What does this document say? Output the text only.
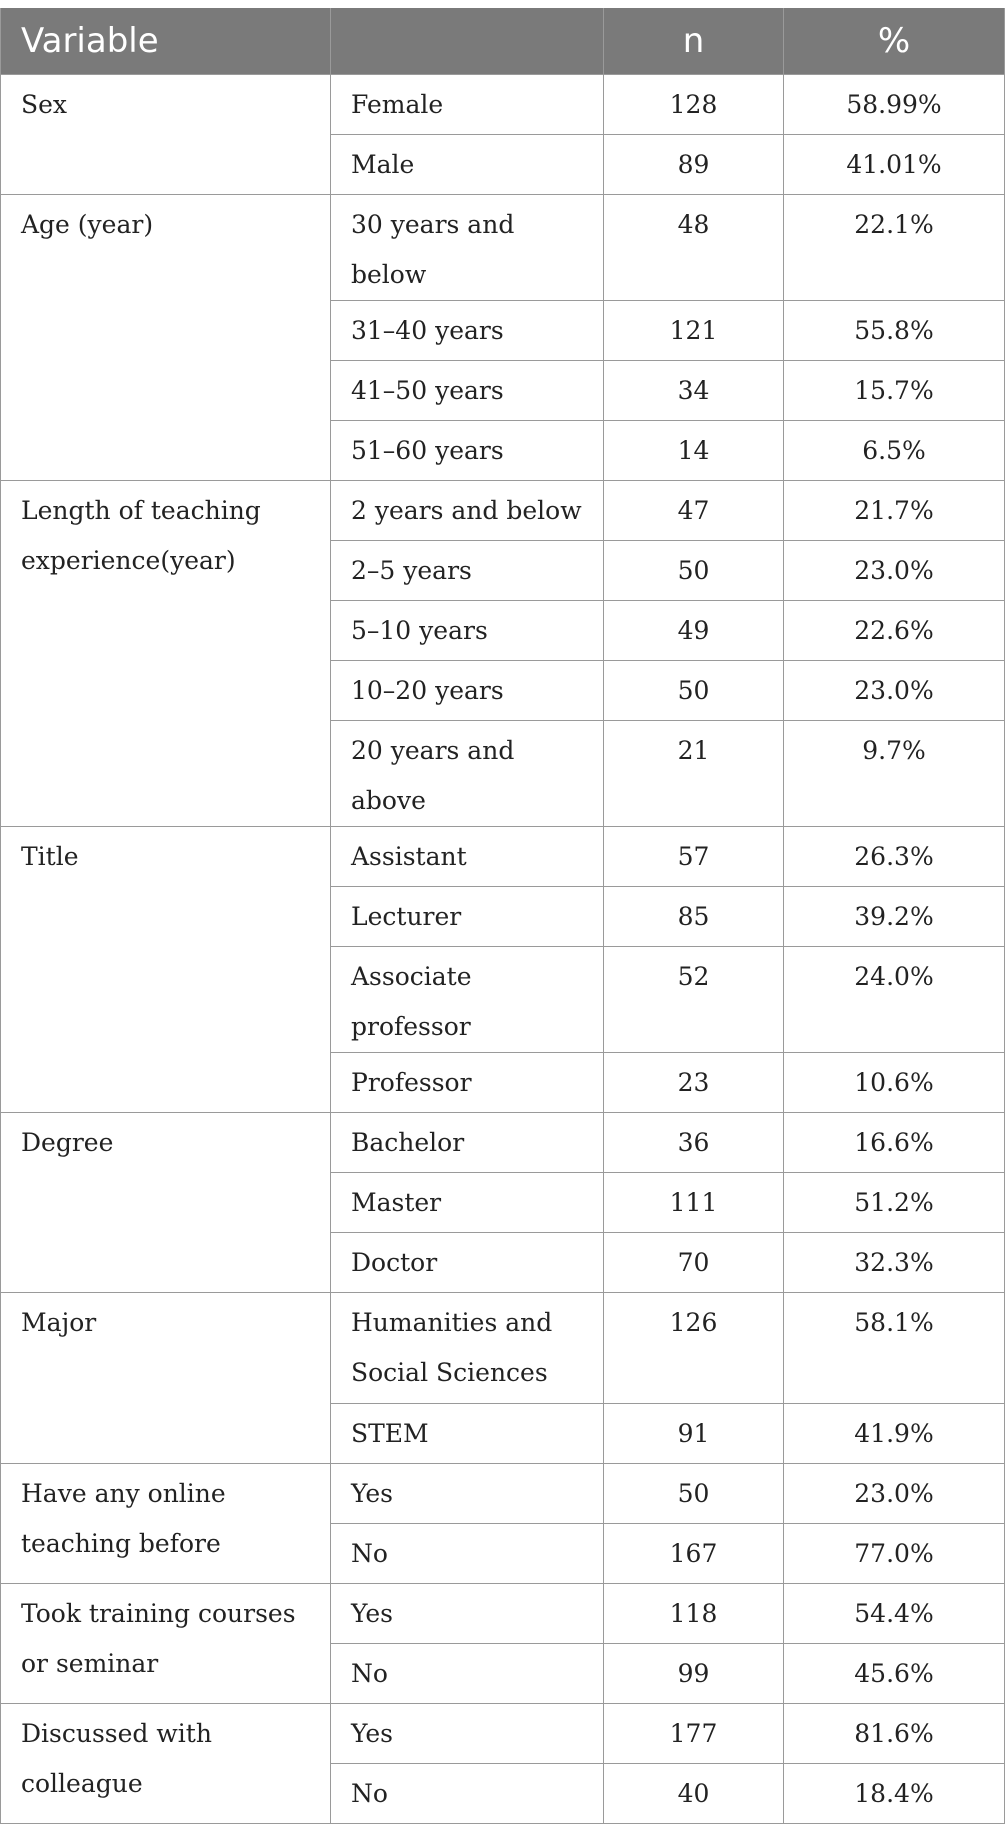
Variable		n	%
Sex	Female	128	58.99%
	Male	89	41.01%
Age (year)	30 years and below	48	22.1%
	31–40 years	121	55.8%
	41–50 years	34	15.7%
	51–60 years	14	6.5%
Length of teaching experience(year)	2 years and below	47	21.7%
	2–5 years	50	23.0%
	5–10 years	49	22.6%
	10–20 years	50	23.0%
	20 years and above	21	9.7%
Title	Assistant	57	26.3%
	Lecturer	85	39.2%
	Associate professor	52	24.0%
	Professor	23	10.6%
Degree	Bachelor	36	16.6%
	Master	111	51.2%
	Doctor	70	32.3%
Major	Humanities and Social Sciences	126	58.1%
	STEM	91	41.9%
Have any online teaching before	Yes	50	23.0%
	No	167	77.0%
Took training courses or seminar	Yes	118	54.4%
	No	99	45.6%
Discussed with colleague	Yes	177	81.6%
	No	40	18.4%
